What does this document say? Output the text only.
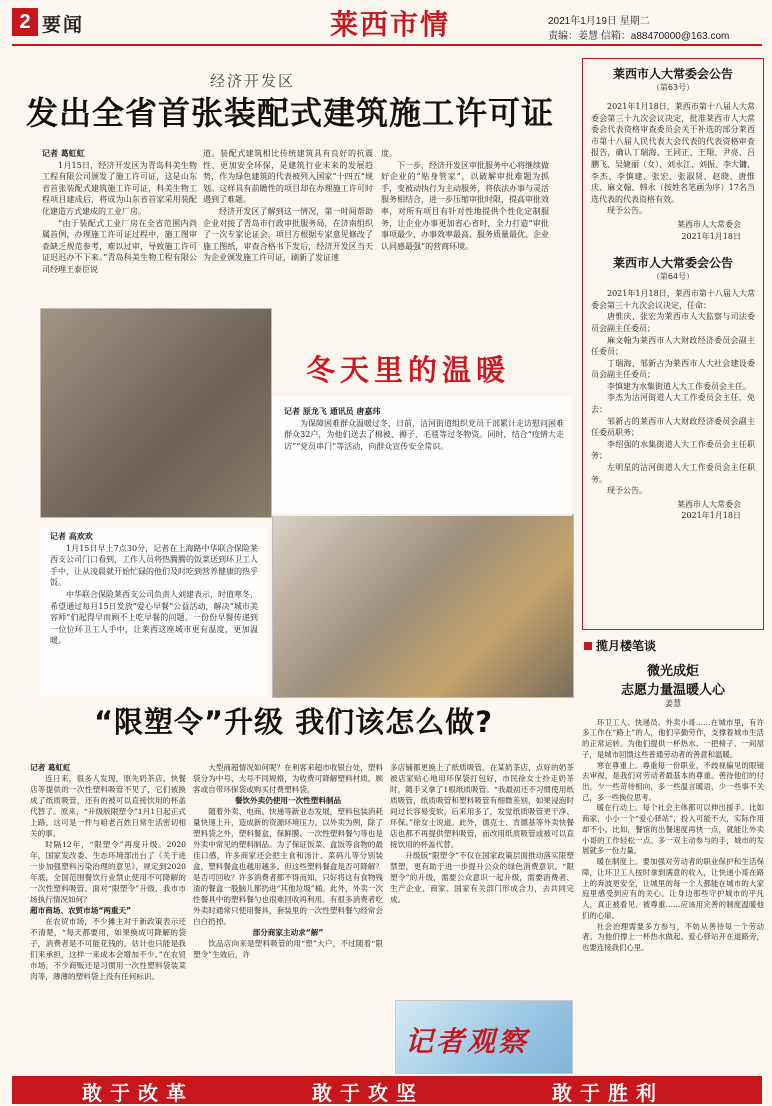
2 要闻	莱西市情	2021年1月19日 星期二
责编：姜慧 信箱：a88470000@163.com
经济开发区
发出全省首张装配式建筑施工许可证
记者 葛虹虹

1月15日，经济开发区为青岛科美生物工程有限公司颁发了施工许可证，这是山东省首张装配式建筑施工许可证，科美生物工程项目建成后，将成为山东省首家采用装配化建造方式建成的工业厂房。

“由于装配式工业厂房在全省范围内尚属首例，办理施工许可证过程中，施工图审查缺乏规范参考，难以过审，导致施工许可证迟迟办不下来。”青岛科美生物工程有限公司经理王泰臣说

道。装配式建筑相比传统建筑具有良好的抗震性、更加安全环保，是建筑行业未来的发展趋势，作为绿色建筑的代表被列入国家“十四五”规划。这样具有前瞻性的项目却在办理施工许可时遇到了难题。

经济开发区了解到这一情况，第一时间帮助企业对接了青岛市行政审批服务局，在济南组织了一次专家论证会，项目方根据专家意见修改了施工图纸，审查合格书下发后，经济开发区当天为企业颁发施工许可证，刷新了发证速

度。

下一步，经济开发区审批服务中心将继续做好企业的“贴身管家”，以破解审批难题为抓手，变被动执行为主动服务，将依法办事与灵活服务相结合，进一步压缩审批时限，提高审批效率，对所有项目有针对性地提供个性化定制服务，让企业办事更加省心省时，全力打造“审批事项最少、办事效率最高、服务质量最优、企业认同感最强”的营商环境。

冬天里的温暖
记者 原龙飞 通讯员 唐嘉玮

为保障困难群众温暖过冬，日前，沽河街道组织党员干部累计走访慰问困难群众32户，为他们送去了棉被、褥子、毛毯等过冬物资。同时，结合“疫情大走访”“党员串门”等活动，向群众宣传安全常识。

记者 高欢欢

1月15日早上7点30分，记者在上海路中华联合保险莱西支公司门口看到，工作人员将热腾腾的饭菜送到环卫工人手中，让从凌晨就开始忙碌的他们及时吃到营养健康的热乎饭。

中华联合保险莱西支公司负责人刘建表示，时值寒冬，希望通过每月15日发放“爱心早餐”公益活动，解决“城市美容师”们起得早而顾不上吃早餐的问题。一份份早餐传递到一位位环卫工人手中，让莱西这座城市更有温度，更加温暖。

“限塑令”升级 我们该怎么做?
记者 葛虹虹

连日来，很多人发现，原先奶茶店、快餐店等提供的一次性塑料吸管不见了，它们被换成了纸质吸管，还有的被可以直接饮用的杯盖代替了。原来，“升级版限塑令”1月1日起正式上路，这可是一件与咱老百姓日常生活密切相关的事。

时隔12年，“限塑令”再度升级。2020年，国家发改委、生态环境部出台了《关于进一步加强塑料污染治理的意见》，规定到2020年底，全国范围餐饮行业禁止使用不可降解的一次性塑料吸管。面对“限塑令”升级，我市市场执行情况如何？

超市商场、农贸市场“两重天”

在农贸市场，不少摊主对于新政策表示还不清楚，“每天都要用，如果换成可降解的袋子，消费者是不可能花钱的，估计也只能是我们来承担，这样一来成本会增加不少。”在农贸市场，不少商贩还是习惯用一次性塑料袋装菜肉等，薄薄的塑料袋上没有任何标识。

大型商超情况如何呢？在利客来超市收银台处，塑料袋分为中号、大号不同规格，为收费可降解塑料材质。顾客或自带环保袋或购买付费塑料袋。

餐饮外卖仍使用一次性塑料制品

随着外卖、电商、快递等新业态发展，塑料包装消耗量快速上升，造成新的资源环境压力。以外卖为例，除了塑料袋之外，塑料餐盒、保鲜膜、一次性塑料餐勺等也是外卖中常见的塑料制品。为了保证饭菜、盒饭等食物的最佳口感，许多商家还会把主食和汤汁、菜码儿等分别装盒，塑料餐盒也越用越多。但这些塑料餐盒是否可降解？是否可回收？许多消费者都不得而知，只好将这有食物残渣的餐盒一股脑儿都扔进“其他垃圾”桶。此外，外卖一次性餐具中的塑料餐勺也很难回收再利用。有很多消费者吃外卖时通常只使用餐具，套装里的一次性塑料餐勺经常会白白扔掉。

部分商家主动求“解”

饮品店向来是塑料吸管的用“塑”大户，不过随着“限塑令”生效后，许

多店铺都更换上了纸质吸管。在某奶茶店，点好的奶茶被店家贴心地用环保袋打包好，市民徐女士拎走奶茶时，随手又拿了1根纸质吸管。“我最初还不习惯使用纸质吸管，纸质吸管和塑料吸管有细微差别，如果浸泡时间过长容易变软，后来用多了，发觉纸质吸管更干净、环保。”徐女士说道。此外，德克士、肯德基等外卖快餐店也都不再提供塑料吸管，而改用纸质吸管或被可以直接饮用的杯盖代替。

升级版“限塑令”不仅在国家政策层面推动落实限塑禁塑，更有助于进一步提升公众的绿色消费意识。“限塑令”的升级，需要公众意识一起升级，需要消费者、生产企业、商家、国家有关部门形成合力，去共同完成。

记者观察
莱西市人大常委会公告
（第63号）

2021年1月18日，莱西市第十八届人大常委会第三十九次会议决定，批准莱西市人大常委会代表资格审查委员会关于补选的部分莱西市第十八届人民代表大会代表的代表资格审查报告，确认丁瑞海、王同正、王翔、尹亮、吕鹏飞、吴婕丽（女）、刘永江、刘振、李大镛、李杰、李慎建、张宏、张淑贤、赵晓、唐惟庆、麻文翰、韩永（按姓名笔画为序）17名当选代表的代表资格有效。

现予公告。

莱西市人大常委会
2021年1月18日
莱西市人大常委会公告
（第64号）

2021年1月18日，莱西市第十八届人大常委会第三十九次会议决定，任命：

唐惟庆、张宏为莱西市人大监察与司法委员会副主任委员；

麻文翰为莱西市人大财政经济委员会副主任委员；

丁瑞海、邹新占为莱西市人大社会建设委员会副主任委员；

李慎建为水集街道人大工作委员会主任。

李杰为沽河街道人大工作委员会主任，免去：

邹新占的莱西市人大财政经济委员会副主任委员职务；

李绍强的水集街道人大工作委员会主任职务；

左明星的沽河街道人大工作委员会主任职务。

现予公告。

莱西市人大常委会
2021年1月18日
揽月楼笔谈
微光成炬
志愿力量温暖人心
姜慧

环卫工人、快递员、外卖小哥……在城市里，有许多工作在“路上”的人，他们辛勤劳作，支撑着城市生活的正常运转。为他们提供一杯热水、一把椅子、一间屋子，是城市回馈这些普通劳动者的善意和温暖。

寒在尊重上。尊重每一份职业，不歧视偏见的眼镜去审视，是我们对劳动者最基本的尊重。善待他们的付出，少一些苛待相向，多一些温言暖语，少一些事不关己，多一些换位思考。

暖在行动上。每个社会主体都可以伸出援手。比如商家，小小一个“爱心驿站”，投入可能不大，实际作用却不小。比如，餐馆的出餐速度再快一点，就能让外卖小哥的工作轻松一点。多一双主动参与的手，城市的发展就多一份力量。

暖在制度上。要加强对劳动者的职业保护和生活保障，让环卫工人按时拿到满意的收入，让快递小哥在路上的奔波更安全，让城里的每一个人都能在城市的大家庭里感受到应有的关心。让身边那些守护城市的平凡人，真正被看见、被尊重……应该用完善的制度温暖他们的心扉。

社会治理需要多方参与，不妨从善待每一个劳动者、为他们撑上一杯热水做起。爱心驿站开在道路旁，也要连接我们心里。

敢于改革	敢于攻坚	敢于胜利
